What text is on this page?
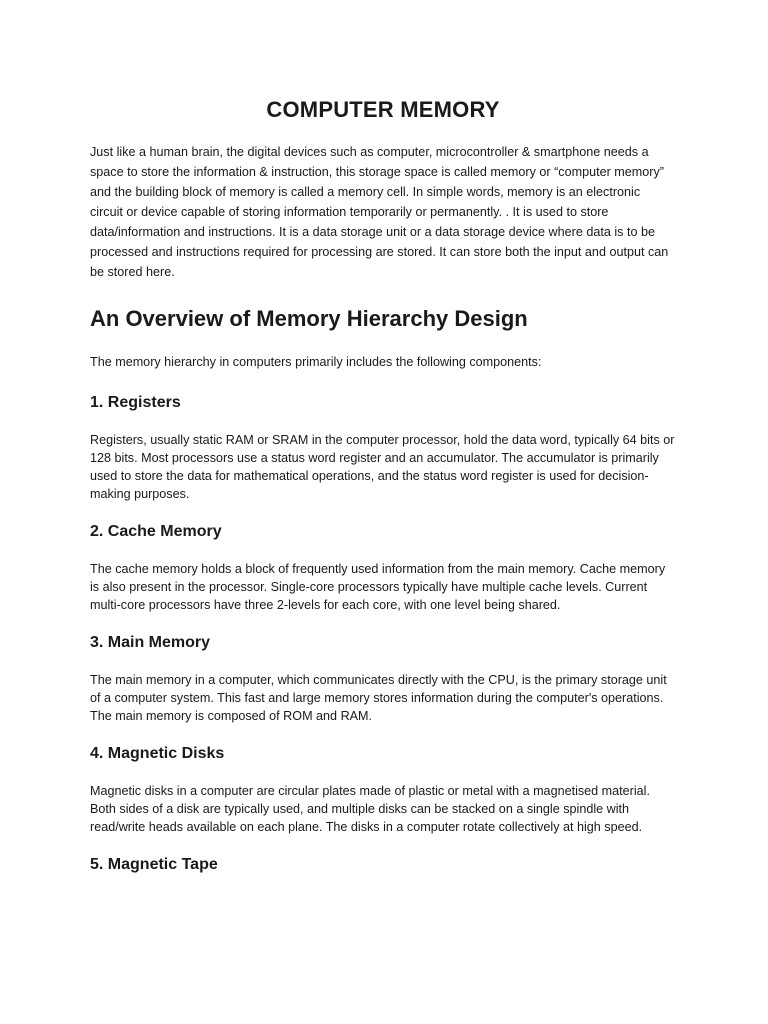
COMPUTER MEMORY

Just like a human brain, the digital devices such as computer, microcontroller & smartphone needs a space to store the information & instruction, this storage space is called memory or “computer memory” and the building block of memory is called a memory cell. In simple words, memory is an electronic circuit or device capable of storing information temporarily or permanently. . It is used to store data/information and instructions. It is a data storage unit or a data storage device where data is to be processed and instructions required for processing are stored. It can store both the input and output can be stored here.

An Overview of Memory Hierarchy Design

The memory hierarchy in computers primarily includes the following components:

1. Registers

Registers, usually static RAM or SRAM in the computer processor, hold the data word, typically 64 bits or 128 bits. Most processors use a status word register and an accumulator. The accumulator is primarily used to store the data for mathematical operations, and the status word register is used for decision-making purposes.

2. Cache Memory

The cache memory holds a block of frequently used information from the main memory. Cache memory is also present in the processor. Single-core processors typically have multiple cache levels. Current multi-core processors have three 2-levels for each core, with one level being shared.

3. Main Memory

The main memory in a computer, which communicates directly with the CPU, is the primary storage unit of a computer system. This fast and large memory stores information during the computer's operations. The main memory is composed of ROM and RAM.

4. Magnetic Disks

Magnetic disks in a computer are circular plates made of plastic or metal with a magnetised material. Both sides of a disk are typically used, and multiple disks can be stacked on a single spindle with read/write heads available on each plane. The disks in a computer rotate collectively at high speed.

5. Magnetic Tape
